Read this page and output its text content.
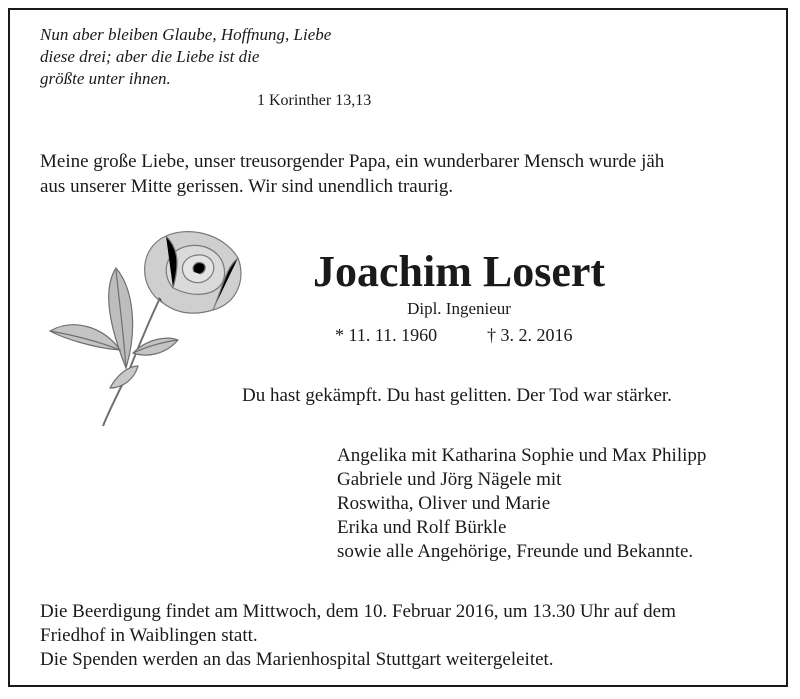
Nun aber bleiben Glaube, Hoffnung, Liebe
diese drei; aber die Liebe ist die
größte unter ihnen.
1 Korinther 13,13
Meine große Liebe, unser treusorgender Papa, ein wunderbarer Mensch wurde jäh
aus unserer Mitte gerissen. Wir sind unendlich traurig.
Joachim Losert
Dipl. Ingenieur
* 11. 11. 1960	† 3. 2. 2016
Du hast gekämpft. Du hast gelitten. Der Tod war stärker.
Angelika mit Katharina Sophie und Max Philipp
Gabriele und Jörg Nägele mit
Roswitha, Oliver und Marie
Erika und Rolf Bürkle
sowie alle Angehörige, Freunde und Bekannte.
Die Beerdigung findet am Mittwoch, dem 10. Februar 2016, um 13.30 Uhr auf dem
Friedhof in Waiblingen statt.
Die Spenden werden an das Marienhospital Stuttgart weitergeleitet.
